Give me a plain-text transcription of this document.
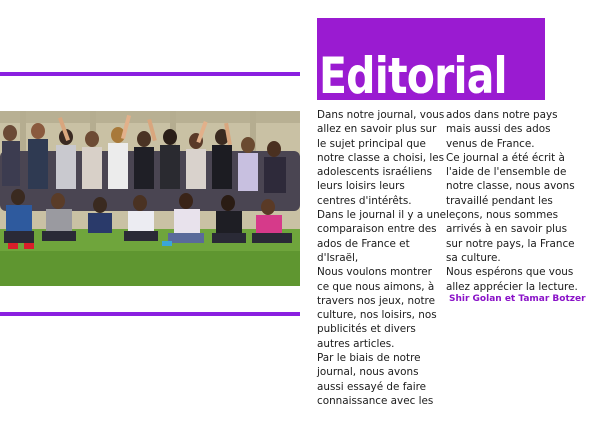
Editorial
Dans notre journal, vous
allez en savoir plus sur
le sujet principal que
notre classe a choisi, les
adolescents israéliens
leurs loisirs leurs
centres d'intérêts.
Dans le journal il y a une
comparaison entre des
ados de France et
d'Israël,
Nous voulons montrer
ce que nous aimons, à
travers nos jeux, notre
culture, nos loisirs, nos
publicités et divers
autres articles.
Par le biais de notre
journal, nous avons
aussi essayé de faire
connaissance avec les
ados dans notre pays
mais aussi des ados
venus de France.
Ce journal a été écrit à
l'aide de l'ensemble de
notre classe, nous avons
travaillé pendant les
leçons, nous sommes
arrivés à en savoir plus
sur notre pays, la France
sa culture.
Nous espérons que vous
allez apprécier la lecture.
Shir Golan et Tamar Botzer
